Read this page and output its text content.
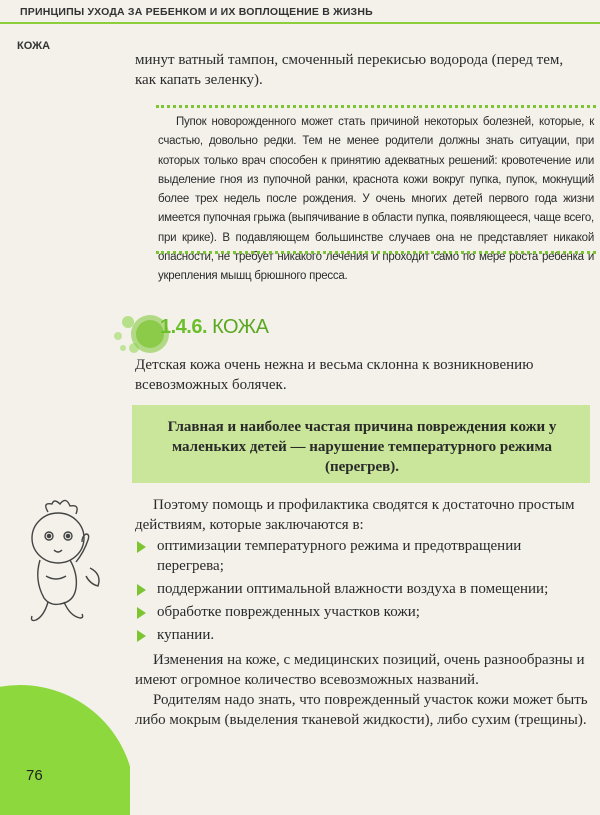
ПРИНЦИПЫ УХОДА ЗА РЕБЕНКОМ И ИХ ВОПЛОЩЕНИЕ В ЖИЗНЬ
КОЖА

минут ватный тампон, смоченный перекисью водорода (перед тем, как капать зеленку).

Пупок новорожденного может стать причиной некоторых болезней, которые, к счастью, довольно редки. Тем не менее родители должны знать ситуации, при которых только врач способен к принятию адекватных решений: кровотечение или выделение гноя из пупочной ранки, краснота кожи вокруг пупка, пупок, мокнущий более трех недель после рождения. У очень многих детей первого года жизни имеется пупочная грыжа (выпячивание в области пупка, появляющееся, чаще всего, при крике). В подавляющем большинстве случаев она не представляет никакой опасности, не требует никакого лечения и проходит само по мере роста ребенка и укрепления мышц брюшного пресса.

1.4.6. КОЖА

Детская кожа очень нежна и весьма склонна к возникновению всевозможных болячек.

Главная и наиболее частая причина повреждения кожи у маленьких детей — нарушение температурного режима (перегрев).

Поэтому помощь и профилактика сводятся к достаточно простым действиям, которые заключаются в:

оптимизации температурного режима и предотвращении перегрева;
поддержании оптимальной влажности воздуха в помещении;
обработке поврежденных участков кожи;
купании.

Изменения на коже, с медицинских позиций, очень разнообразны и имеют огромное количество всевозможных названий.

Родителям надо знать, что поврежденный участок кожи может быть либо мокрым (выделения тканевой жидкости), либо сухим (трещины).

76
